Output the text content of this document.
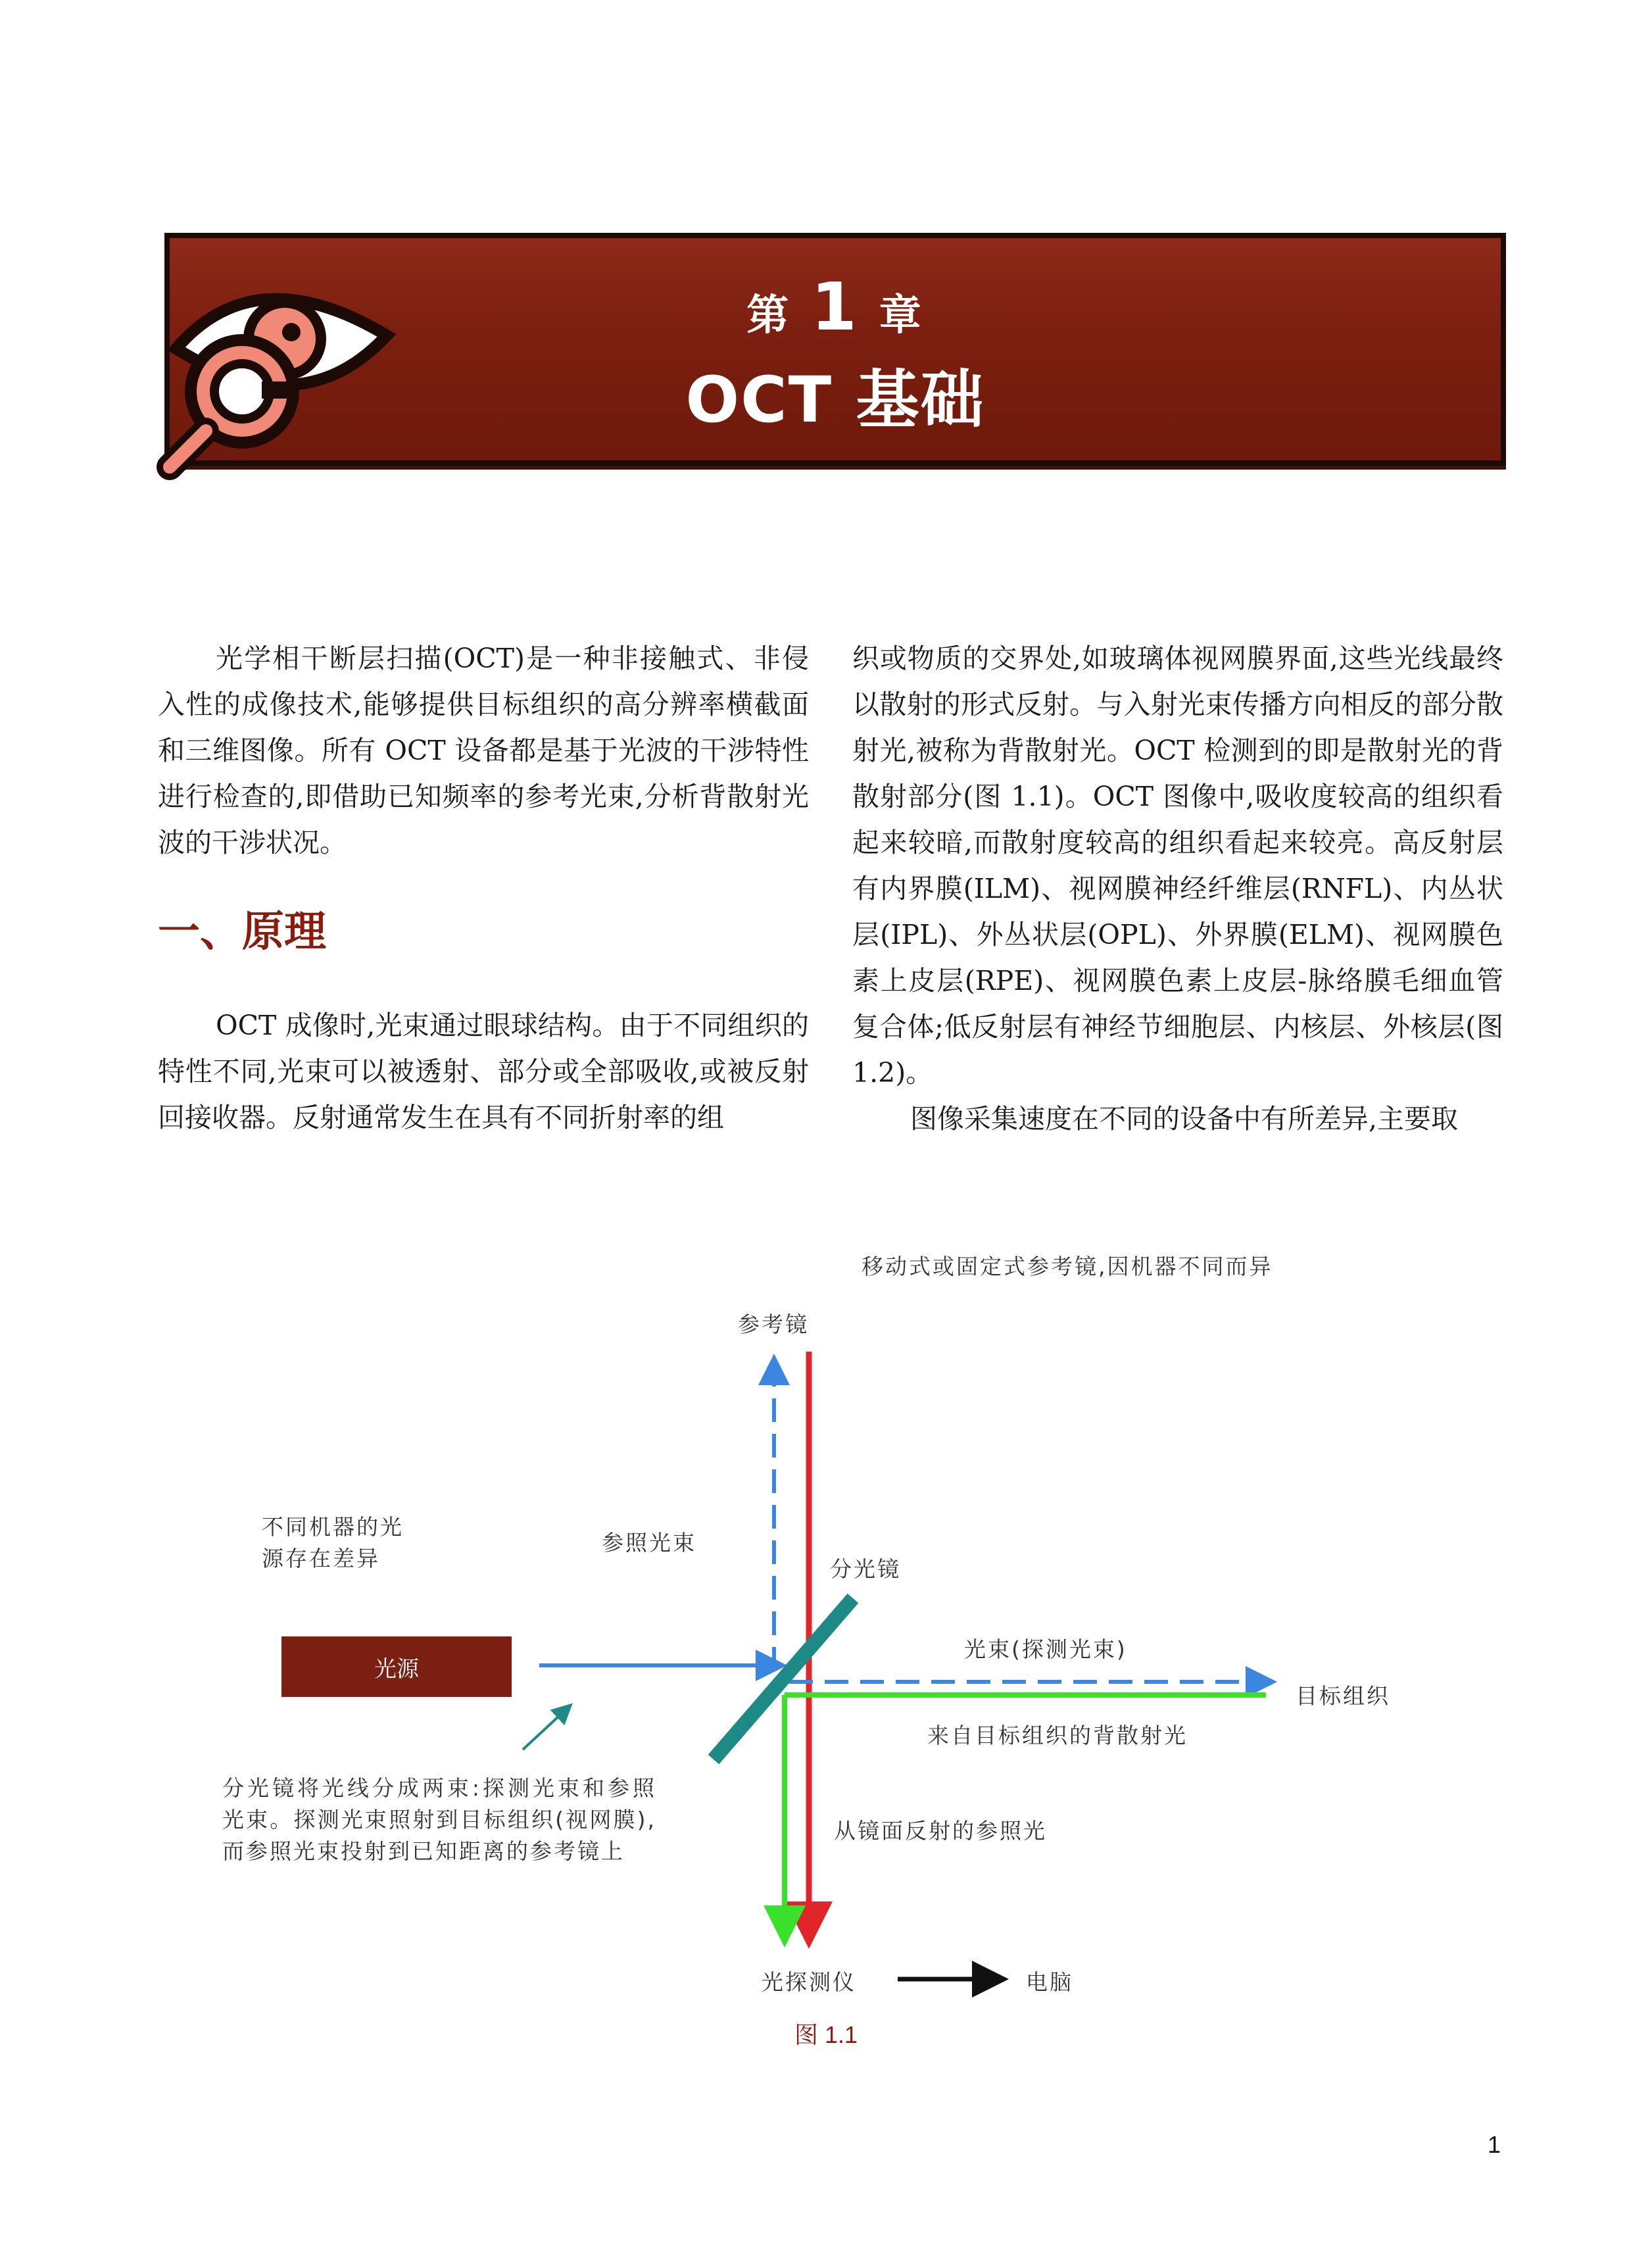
第 1 章
OCT 基础

光学相干断层扫描(OCT)是一种非接触式、非侵入性的成像技术,能够提供目标组织的高分辨率横截面和三维图像。所有 OCT 设备都是基于光波的干涉特性进行检查的,即借助已知频率的参考光束,分析背散射光波的干涉状况。

一、原理

OCT 成像时,光束通过眼球结构。由于不同组织的特性不同,光束可以被透射、部分或全部吸收,或被反射回接收器。反射通常发生在具有不同折射率的组

织或物质的交界处,如玻璃体视网膜界面,这些光线最终以散射的形式反射。与入射光束传播方向相反的部分散射光,被称为背散射光。OCT 检测到的即是散射光的背散射部分(图 1.1)。OCT 图像中,吸收度较高的组织看起来较暗,而散射度较高的组织看起来较亮。高反射层有内界膜(ILM)、视网膜神经纤维层(RNFL)、内丛状层(IPL)、外丛状层(OPL)、外界膜(ELM)、视网膜色素上皮层(RPE)、视网膜色素上皮层-脉络膜毛细血管复合体;低反射层有神经节细胞层、内核层、外核层(图 1.2)。

图像采集速度在不同的设备中有所差异,主要取

移动式或固定式参考镜,因机器不同而异
参考镜
不同机器的光源存在差异
参照光束
分光镜
光束(探测光束)
目标组织
来自目标组织的背散射光
光源
分光镜将光线分成两束:探测光束和参照光束。探测光束照射到目标组织(视网膜),而参照光束投射到已知距离的参考镜上
从镜面反射的参照光
光探测仪	电脑
图 1.1
1
